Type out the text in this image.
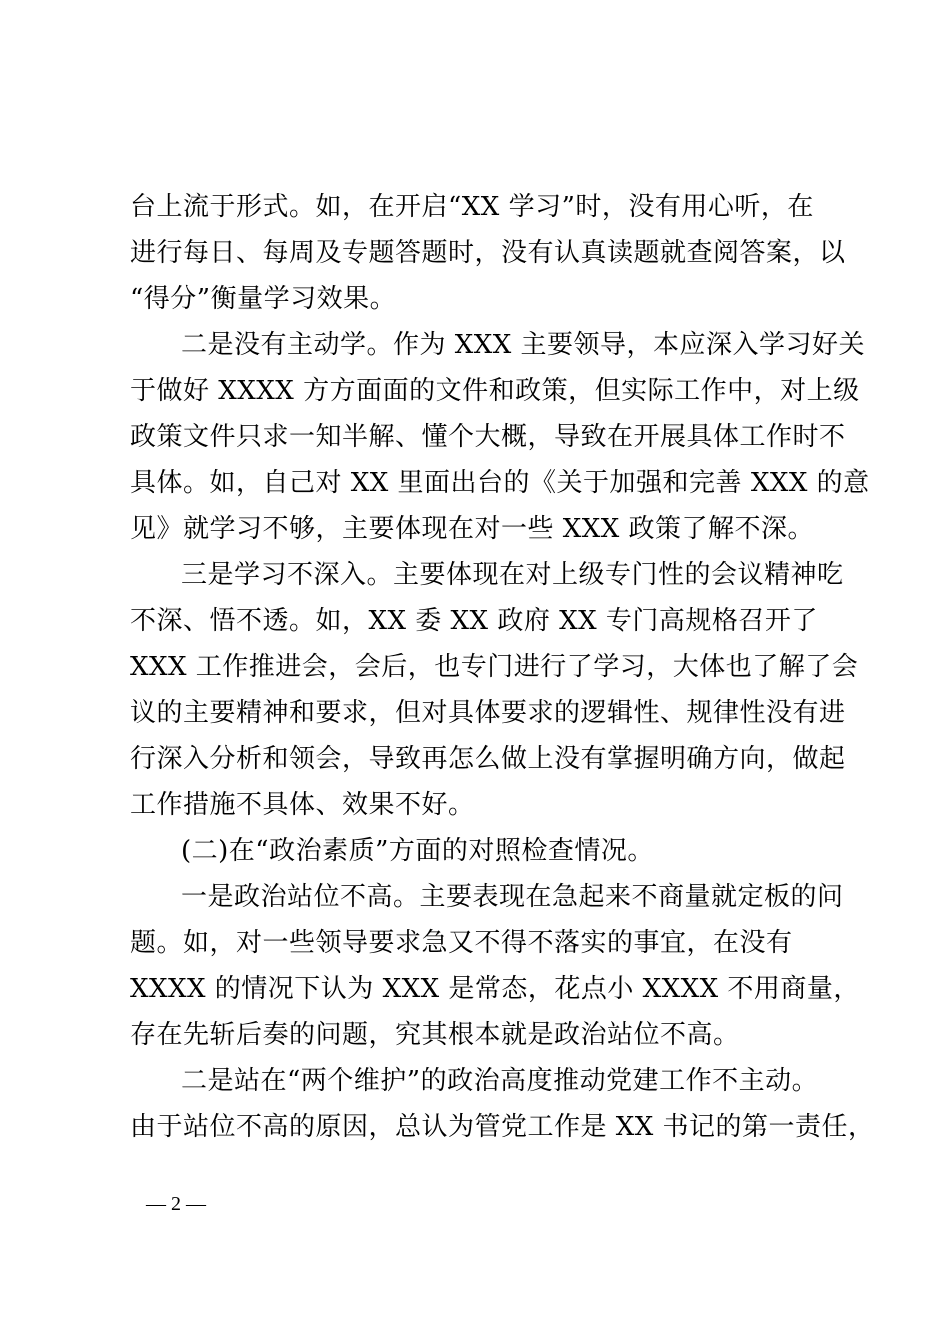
台上流于形式。如，在开启“XX 学习”时，没有用心听，在
进行每日、每周及专题答题时，没有认真读题就查阅答案，以
“得分”衡量学习效果。
二是没有主动学。作为 XXX 主要领导，本应深入学习好关
于做好 XXXX 方方面面的文件和政策，但实际工作中，对上级
政策文件只求一知半解、懂个大概，导致在开展具体工作时不
具体。如，自己对 XX 里面出台的《关于加强和完善 XXX 的意
见》就学习不够，主要体现在对一些 XXX 政策了解不深。
三是学习不深入。主要体现在对上级专门性的会议精神吃
不深、悟不透。如，XX 委 XX 政府 XX 专门高规格召开了
XXX 工作推进会，会后，也专门进行了学习，大体也了解了会
议的主要精神和要求，但对具体要求的逻辑性、规律性没有进
行深入分析和领会，导致再怎么做上没有掌握明确方向，做起
工作措施不具体、效果不好。
(二)在“政治素质”方面的对照检查情况。
一是政治站位不高。主要表现在急起来不商量就定板的问
题。如，对一些领导要求急又不得不落实的事宜，在没有
XXXX 的情况下认为 XXX 是常态，花点小 XXXX 不用商量，
存在先斩后奏的问题，究其根本就是政治站位不高。
二是站在“两个维护”的政治高度推动党建工作不主动。
由于站位不高的原因，总认为管党工作是 XX 书记的第一责任，
— 2 —
